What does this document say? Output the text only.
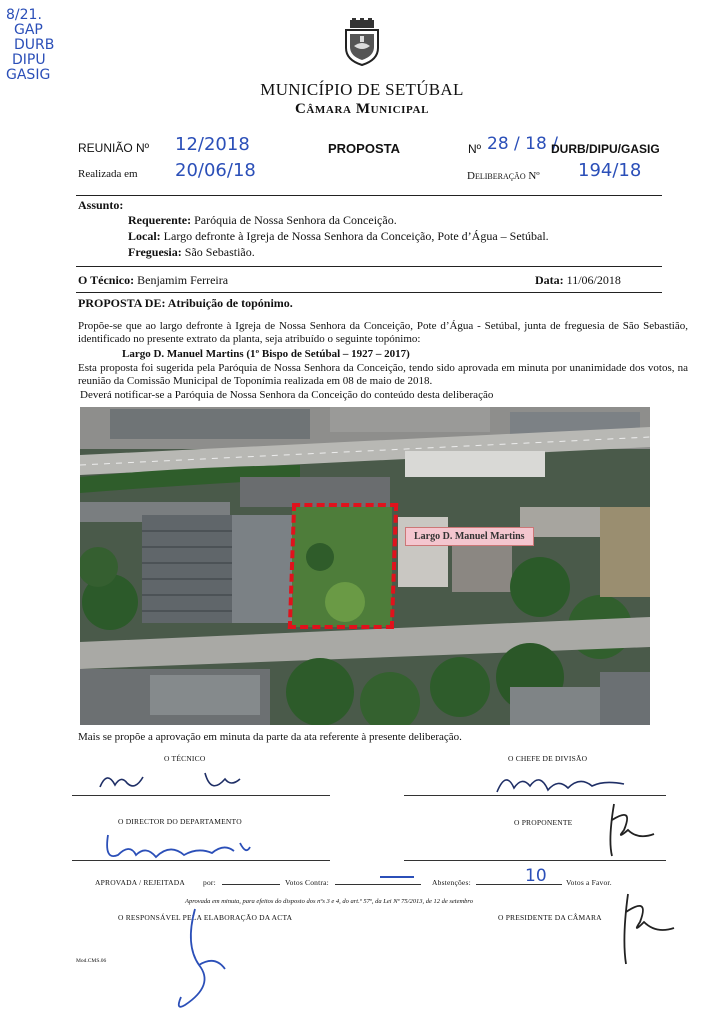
8/21.
GAP
DURB
DIPU
GASIG
MUNICÍPIO DE SETÚBAL
Câmara Municipal
REUNIÃO Nº 12/2018
Realizada em 20/06/18
PROPOSTA	Nº 28 / 18 /
DURB/DIPU/GASIG
Deliberação Nº 194/18
Assunto:
Requerente: Paróquia de Nossa Senhora da Conceição.
Local: Largo defronte à Igreja de Nossa Senhora da Conceição, Pote d’Água – Setúbal.
Freguesia: São Sebastião.
O Técnico: Benjamim Ferreira	Data: 11/06/2018
PROPOSTA DE: Atribuição de topónimo.
Propõe-se que ao largo defronte à Igreja de Nossa Senhora da Conceição, Pote d’Água - Setúbal, junta de freguesia de São Sebastião, identificado no presente extrato da planta, seja atribuído o seguinte topónimo:
Largo D. Manuel Martins (1º Bispo de Setúbal – 1927 – 2017)
Esta proposta foi sugerida pela Paróquia de Nossa Senhora da Conceição, tendo sido aprovada em minuta por unanimidade dos votos, na reunião da Comissão Municipal de Toponímia realizada em 08 de maio de 2018.
Deverá notificar-se a Paróquia de Nossa Senhora da Conceição do conteúdo desta deliberação
Largo D. Manuel Martins
Mais se propõe a aprovação em minuta da parte da ata referente à presente deliberação.
O TÉCNICO	O CHEFE DE DIVISÃO
O DIRECTOR DO DEPARTAMENTO	O PROPONENTE
APROVADA / REJEITADA por:	Votos Contra:	Abstenções:	10	Votos a Favor.
Aprovada em minuta, para efeitos do disposto dos nºs 3 e 4, do art.º 57º, da Lei Nº 75/2013, de 12 de setembro
O RESPONSÁVEL PELA ELABORAÇÃO DA ACTA	O PRESIDENTE DA CÂMARA
Mod.CMS.06
